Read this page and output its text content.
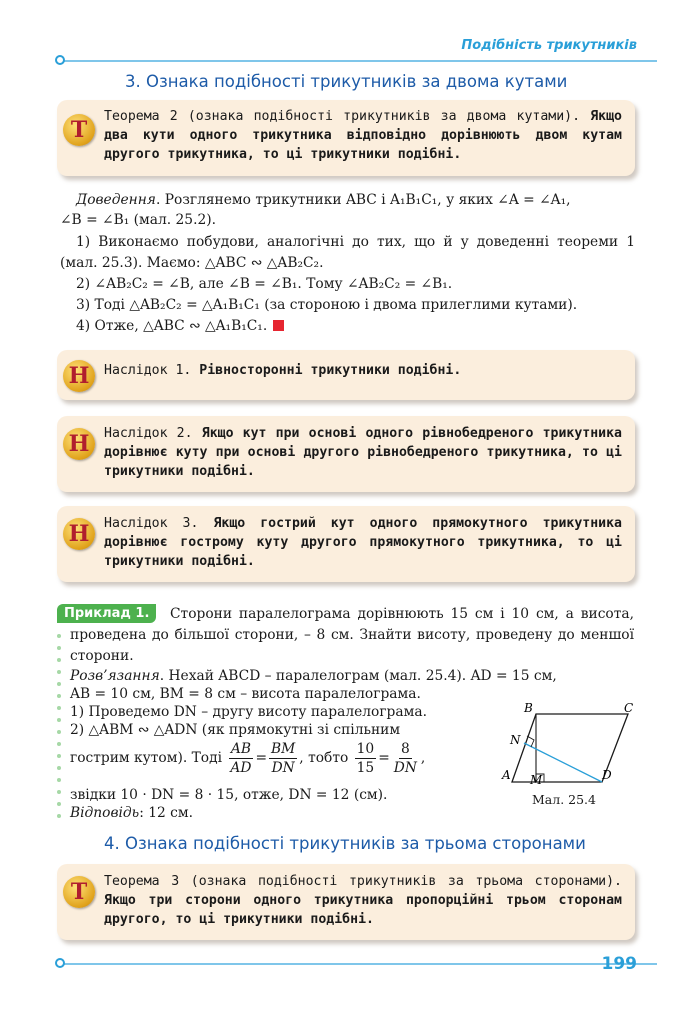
Подібність трикутників
3. Ознака подібності трикутників за двома кутами
T
Теорема 2 (ознака подібності трикутників за двома кутами). Якщо два кути одного трикутника відповідно дорівнюють двом кутам другого трикутника, то ці трикутники подібні.
Доведення. Розглянемо трикутники ABC і A₁B₁C₁, у яких ∠A = ∠A₁,
∠B = ∠B₁ (мал. 25.2).
1) Виконаємо побудови, аналогічні до тих, що й у доведенні теореми 1 (мал. 25.3). Маємо: △ABC ∾ △AB₂C₂.
2) ∠AB₂C₂ = ∠B, але ∠B = ∠B₁. Тому ∠AB₂C₂ = ∠B₁.
3) Тоді △AB₂C₂ = △A₁B₁C₁ (за стороною і двома прилеглими кутами).
4) Отже, △ABC ∾ △A₁B₁C₁.
Н	Наслідок 1. Рівносторонні трикутники подібні.
Н	Наслідок 2. Якщо кут при основі одного рівнобедреного трикутника дорівнює куту при основі другого рівнобедреного трикутника, то ці трикутники подібні.
Н	Наслідок 3. Якщо гострий кут одного прямокутного трикутника дорівнює гострому куту другого прямокутного трикутника, то ці трикутники подібні.
Приклад 1.	Сторони паралелограма дорівнюють 15 см і 10 см, а висота, проведена до більшої сторони, – 8 см. Знайти висоту, проведену до меншої сторони.
Розв’язання. Нехай ABCD – паралелограм (мал. 25.4). AD = 15 см,
AB = 10 см, BM = 8 см – висота паралелограма.
1) Проведемо DN – другу висоту паралелограма.
2) △ABM ∾ △ADN (як прямокутні зі спільним
гострим кутом). Тоді
$\frac{AB}{AD} = \frac{BM}{DN}$ , тобто
$\frac{10}{15} = \frac{8}{DN}$ ,
звідки 10 · DN = 8 · 15, отже, DN = 12 (см).
Відповідь: 12 см.
A
B	C
D
M
N
Мал. 25.4
4. Ознака подібності трикутників за трьома сторонами
T	Теорема 3 (ознака подібності трикутників за трьома сторонами). Якщо три сторони одного трикутника пропорційні трьом сторонам другого, то ці трикутники подібні.
199
